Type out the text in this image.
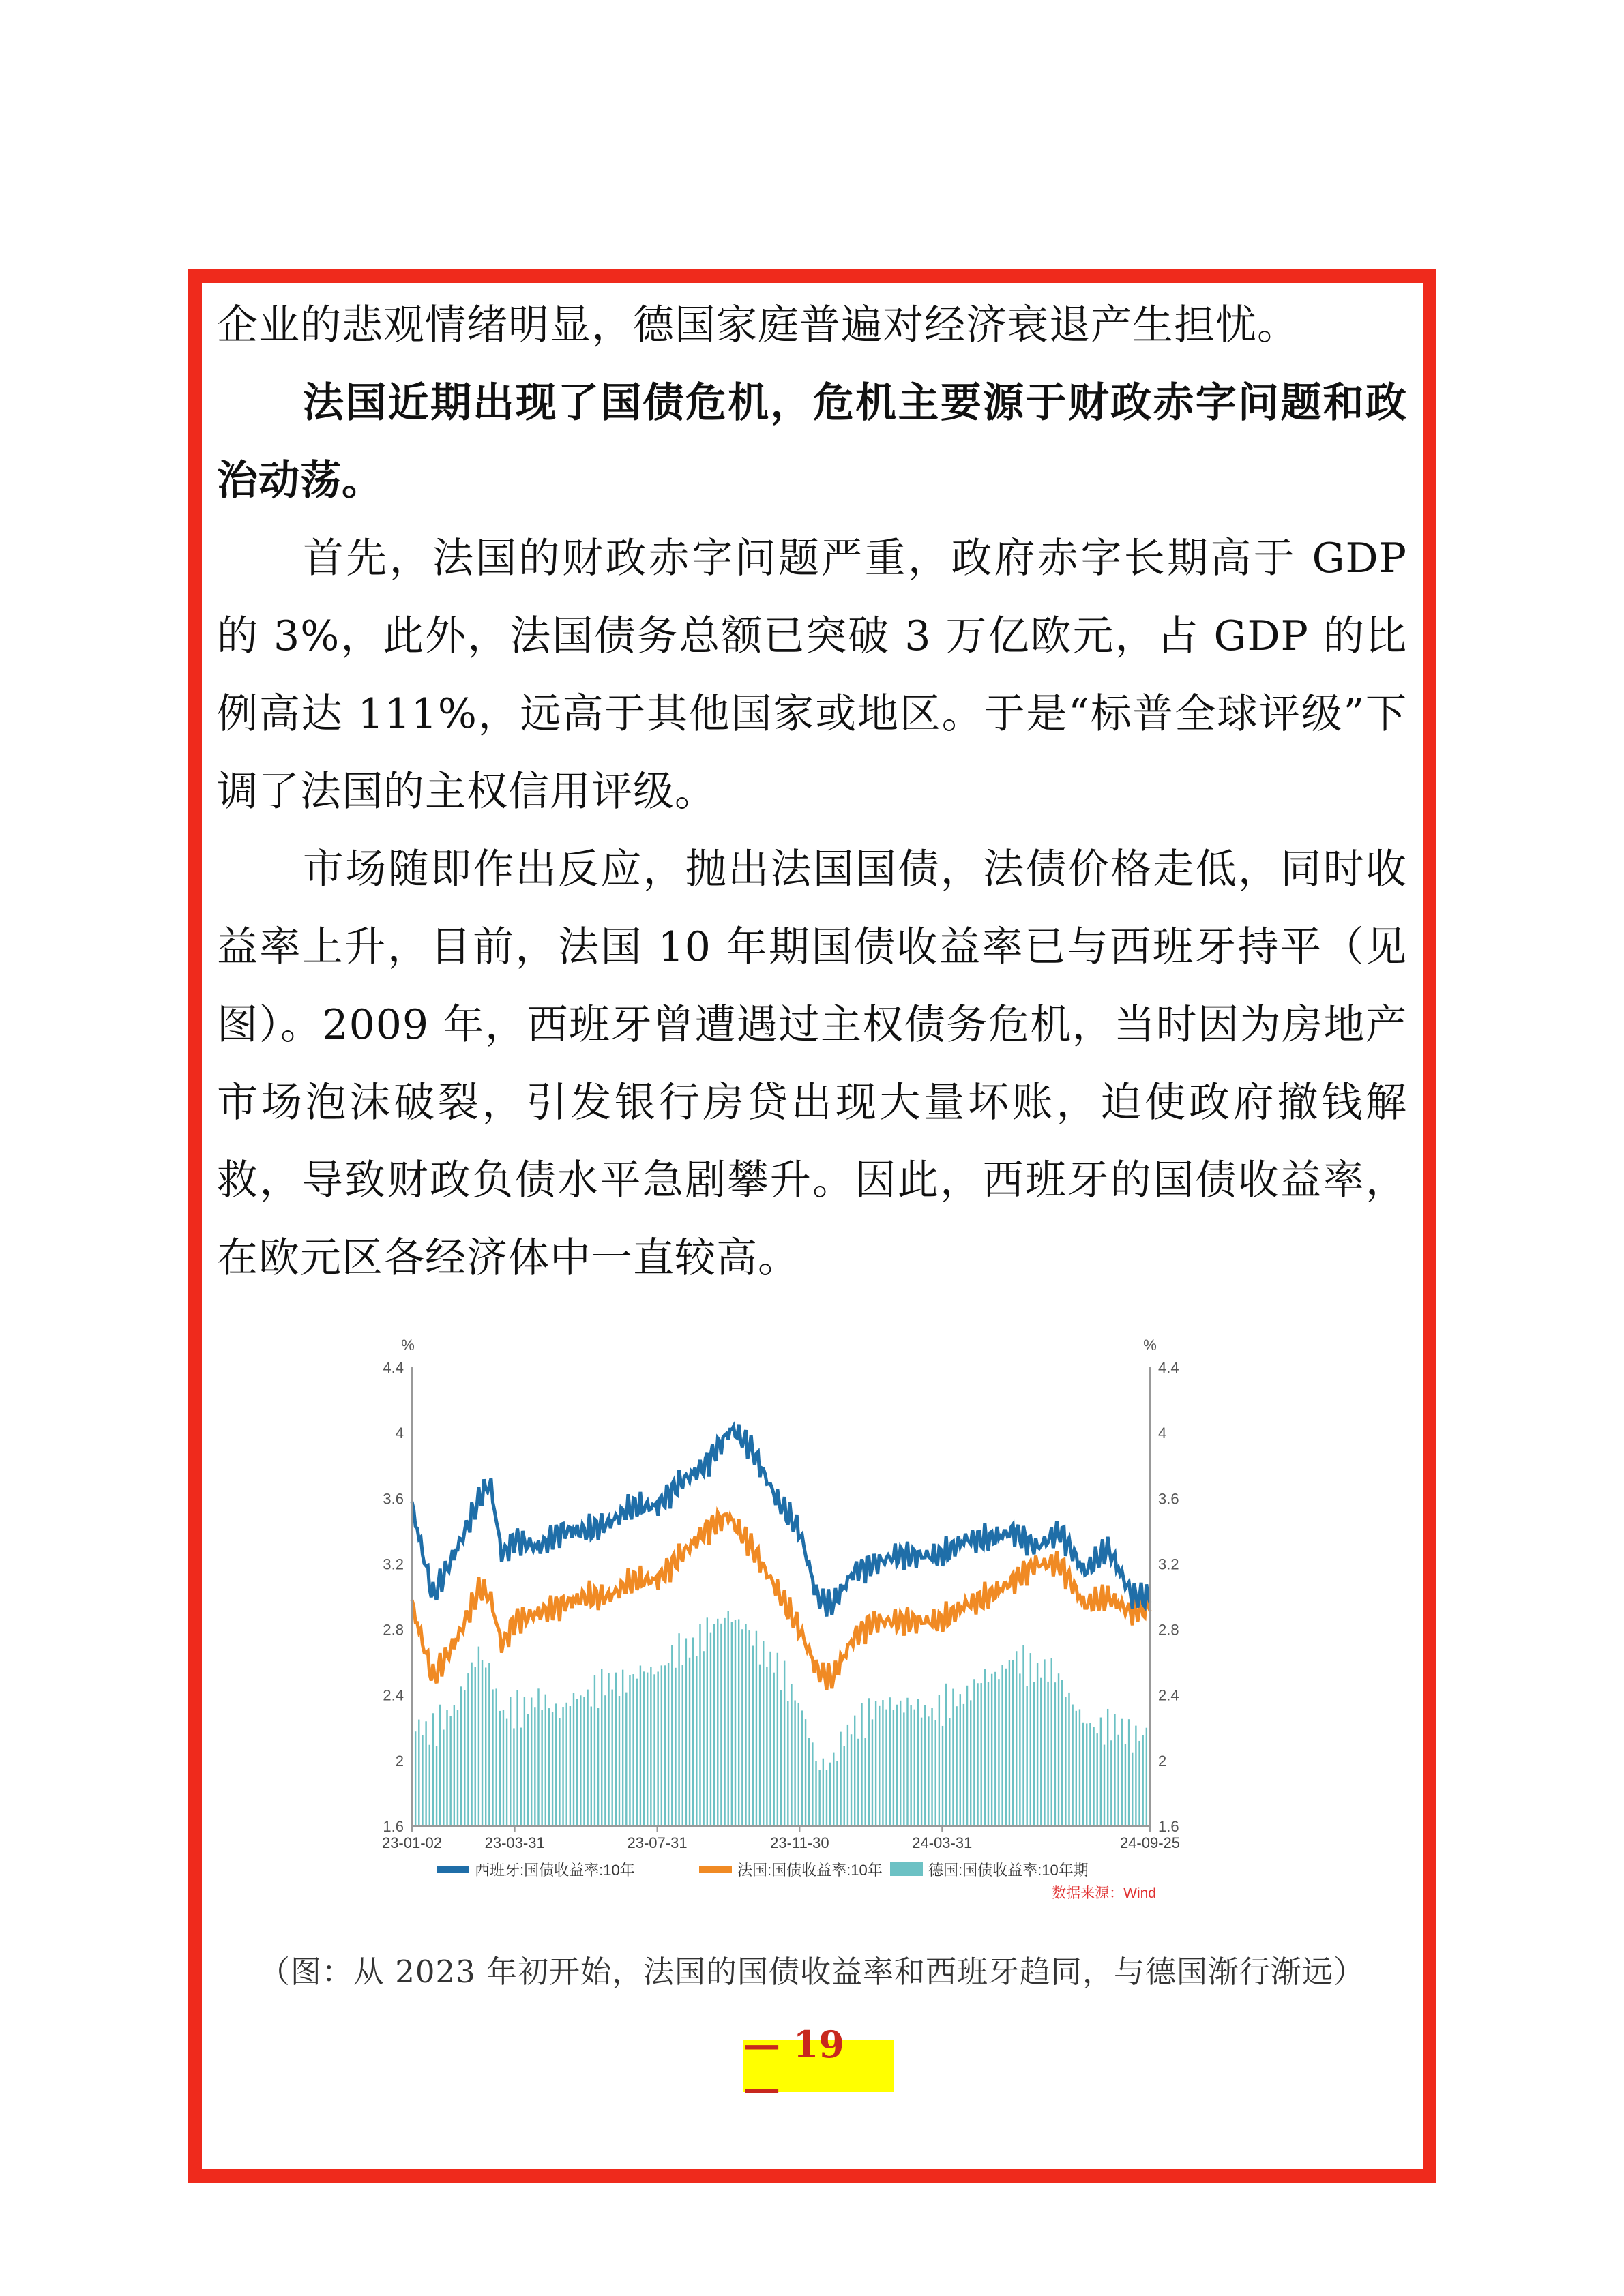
企业的悲观情绪明显，德国家庭普遍对经济衰退产生担忧。

法国近期出现了国债危机，危机主要源于财政赤字问题和政治动荡。

首先，法国的财政赤字问题严重，政府赤字长期高于 GDP 的 3%，此外，法国债务总额已突破 3 万亿欧元，占 GDP 的比例高达 111%，远高于其他国家或地区。于是“标普全球评级”下调了法国的主权信用评级。

市场随即作出反应，抛出法国国债，法债价格走低，同时收益率上升，目前，法国 10 年期国债收益率已与西班牙持平（见图）。2009 年，西班牙曾遭遇过主权债务危机，当时因为房地产市场泡沫破裂，引发银行房贷出现大量坏账，迫使政府撤钱解救，导致财政负债水平急剧攀升。因此，西班牙的国债收益率，在欧元区各经济体中一直较高。

%	%
1.6	1.6
2	2
2.4	2.4
2.8	2.8
3.2	3.2
3.6	3.6
4	4
4.4	4.4
23-01-02	23-03-31	23-07-31	23-11-30	24-03-31	24-09-25
西班牙:国债收益率:10年	法国:国债收益率:10年	德国:国债收益率:10年期
数据来源：Wind
（图：从 2023 年初开始，法国的国债收益率和西班牙趋同，与德国渐行渐远）
— 19 —
